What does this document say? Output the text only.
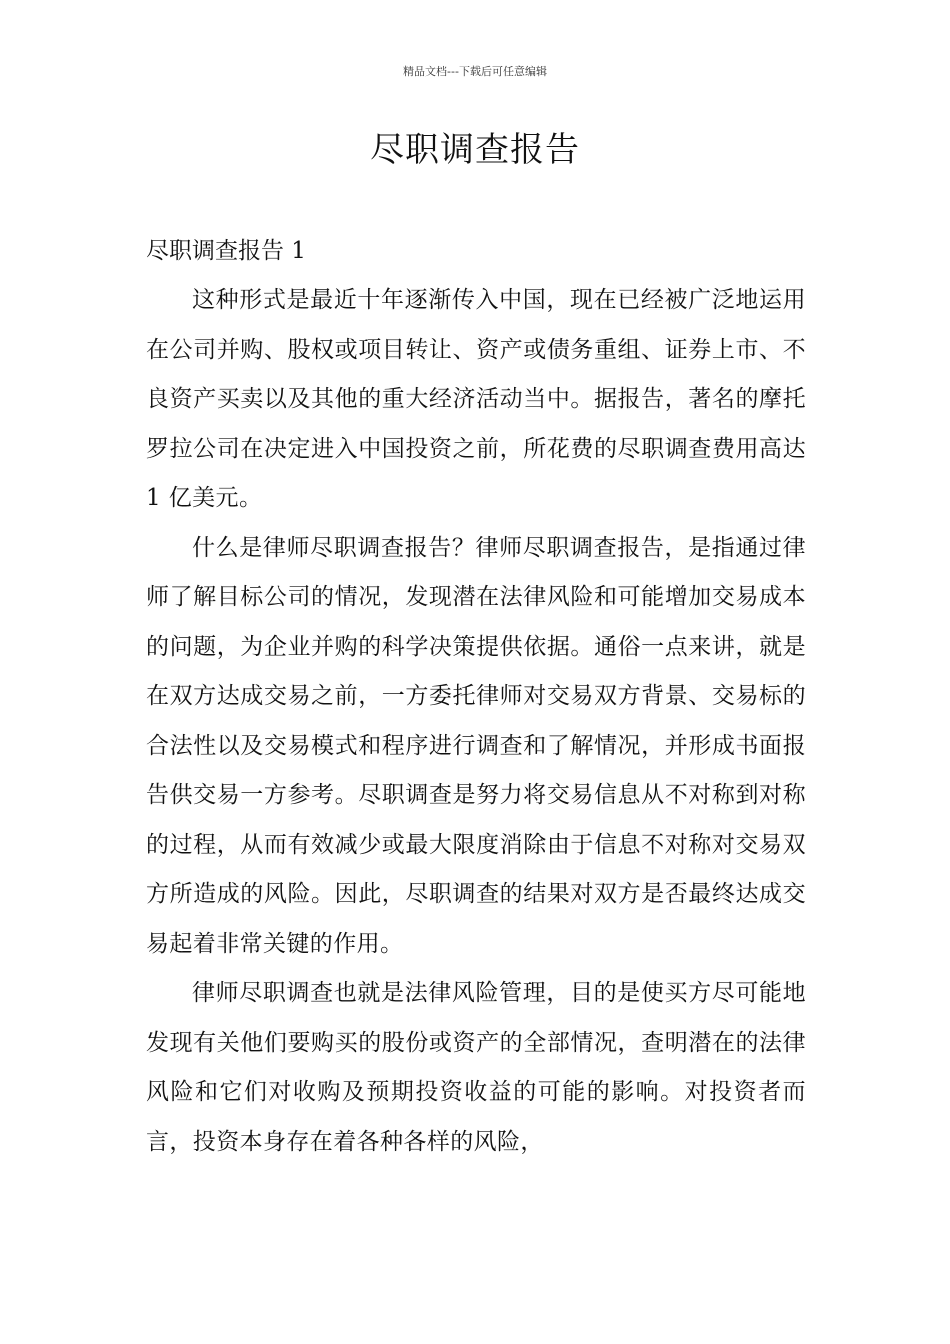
精品文档---下载后可任意编辑
尽职调查报告
尽职调查报告 1

这种形式是最近十年逐渐传入中国，现在已经被广泛地运用在公司并购、股权或项目转让、资产或债务重组、证券上市、不良资产买卖以及其他的重大经济活动当中。据报告，著名的摩托罗拉公司在决定进入中国投资之前，所花费的尽职调查费用高达 1 亿美元。

什么是律师尽职调查报告？律师尽职调查报告，是指通过律师了解目标公司的情况，发现潜在法律风险和可能增加交易成本的问题，为企业并购的科学决策提供依据。通俗一点来讲，就是在双方达成交易之前，一方委托律师对交易双方背景、交易标的合法性以及交易模式和程序进行调查和了解情况，并形成书面报告供交易一方参考。尽职调查是努力将交易信息从不对称到对称的过程，从而有效减少或最大限度消除由于信息不对称对交易双方所造成的风险。因此，尽职调查的结果对双方是否最终达成交易起着非常关键的作用。

律师尽职调查也就是法律风险管理，目的是使买方尽可能地发现有关他们要购买的股份或资产的全部情况，查明潜在的法律风险和它们对收购及预期投资收益的可能的影响。对投资者而言，投资本身存在着各种各样的风险，
